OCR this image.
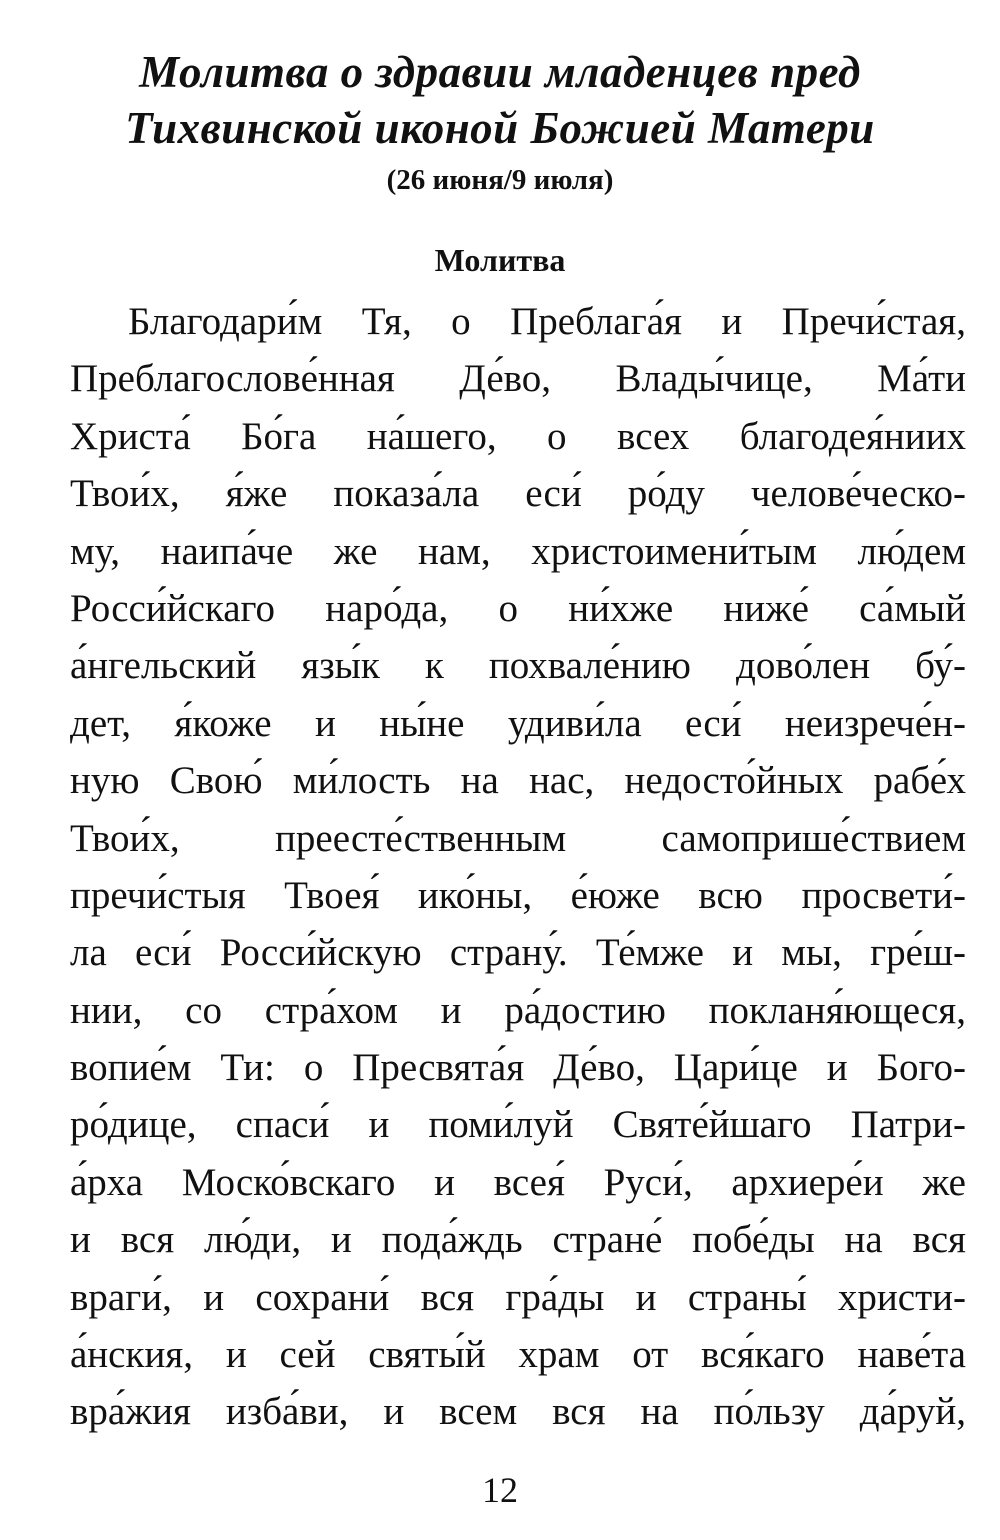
Молитва о здравии младенцев пред
Тихвинской иконой Божией Матери
(26 июня/9 июля)
Молитва
Благодари́м Тя, о Преблага́я и Пречи́стая,
Преблагослове́нная Де́во, Влады́чице, Ма́ти
Христа́ Бо́га на́шего, о всех благодея́ниих
Твои́х, я́же показа́ла еси́ ро́ду челове́ческо-
му, наипа́че же нам, христоимени́тым лю́дем
Росси́йскаго наро́да, о ни́хже ниже́ са́мый
а́нгельский язы́к к похвале́нию дово́лен бу́-
дет, я́коже и ны́не удиви́ла еси́ неизрече́н-
ную Свою́ ми́лость на нас, недосто́йных рабе́х
Твои́х, преесте́ственным самоприше́ствием
пречи́стыя Твоея́ ико́ны, е́юже всю просвети́-
ла еси́ Росси́йскую страну́. Те́мже и мы, гре́ш-
нии, со стра́хом и ра́достию покланя́ющеся,
вопие́м Ти: о Пресвята́я Де́во, Цари́це и Бого-
ро́дице, спаси́ и поми́луй Святе́йшаго Патри-
а́рха Моско́вскаго и всея́ Руси́, архиере́и же
и вся лю́ди, и пода́ждь стране́ побе́ды на вся
враги́, и сохрани́ вся гра́ды и страны́ христи-
а́нския, и сей святы́й храм от вся́каго наве́та
вра́жия изба́ви, и всем вся на по́льзу да́руй,
12
